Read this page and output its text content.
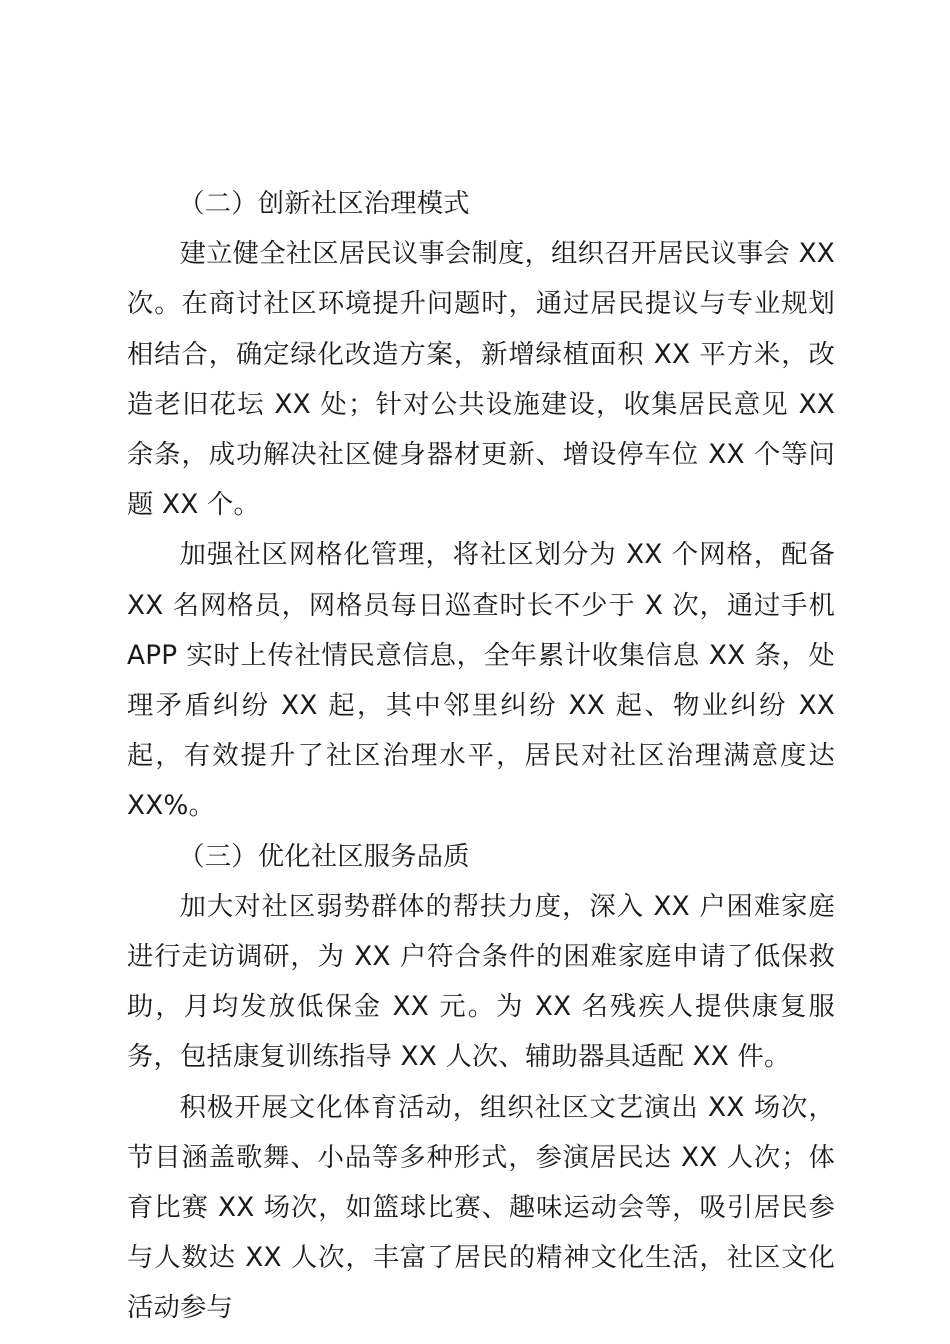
（二）创新社区治理模式

建立健全社区居民议事会制度，组织召开居民议事会 XX 次。在商讨社区环境提升问题时，通过居民提议与专业规划相结合，确定绿化改造方案，新增绿植面积 XX 平方米，改造老旧花坛 XX 处；针对公共设施建设，收集居民意见 XX 余条，成功解决社区健身器材更新、增设停车位 XX 个等问题 XX 个。

加强社区网格化管理，将社区划分为 XX 个网格，配备 XX 名网格员，网格员每日巡查时长不少于 X 次，通过手机 APP 实时上传社情民意信息，全年累计收集信息 XX 条，处理矛盾纠纷 XX 起，其中邻里纠纷 XX 起、物业纠纷 XX 起，有效提升了社区治理水平，居民对社区治理满意度达 XX%。

（三）优化社区服务品质

加大对社区弱势群体的帮扶力度，深入 XX 户困难家庭进行走访调研，为 XX 户符合条件的困难家庭申请了低保救助，月均发放低保金 XX 元。为 XX 名残疾人提供康复服务，包括康复训练指导 XX 人次、辅助器具适配 XX 件。

积极开展文化体育活动，组织社区文艺演出 XX 场次，节目涵盖歌舞、小品等多种形式，参演居民达 XX 人次；体育比赛 XX 场次，如篮球比赛、趣味运动会等，吸引居民参与人数达 XX 人次，丰富了居民的精神文化生活，社区文化活动参与
